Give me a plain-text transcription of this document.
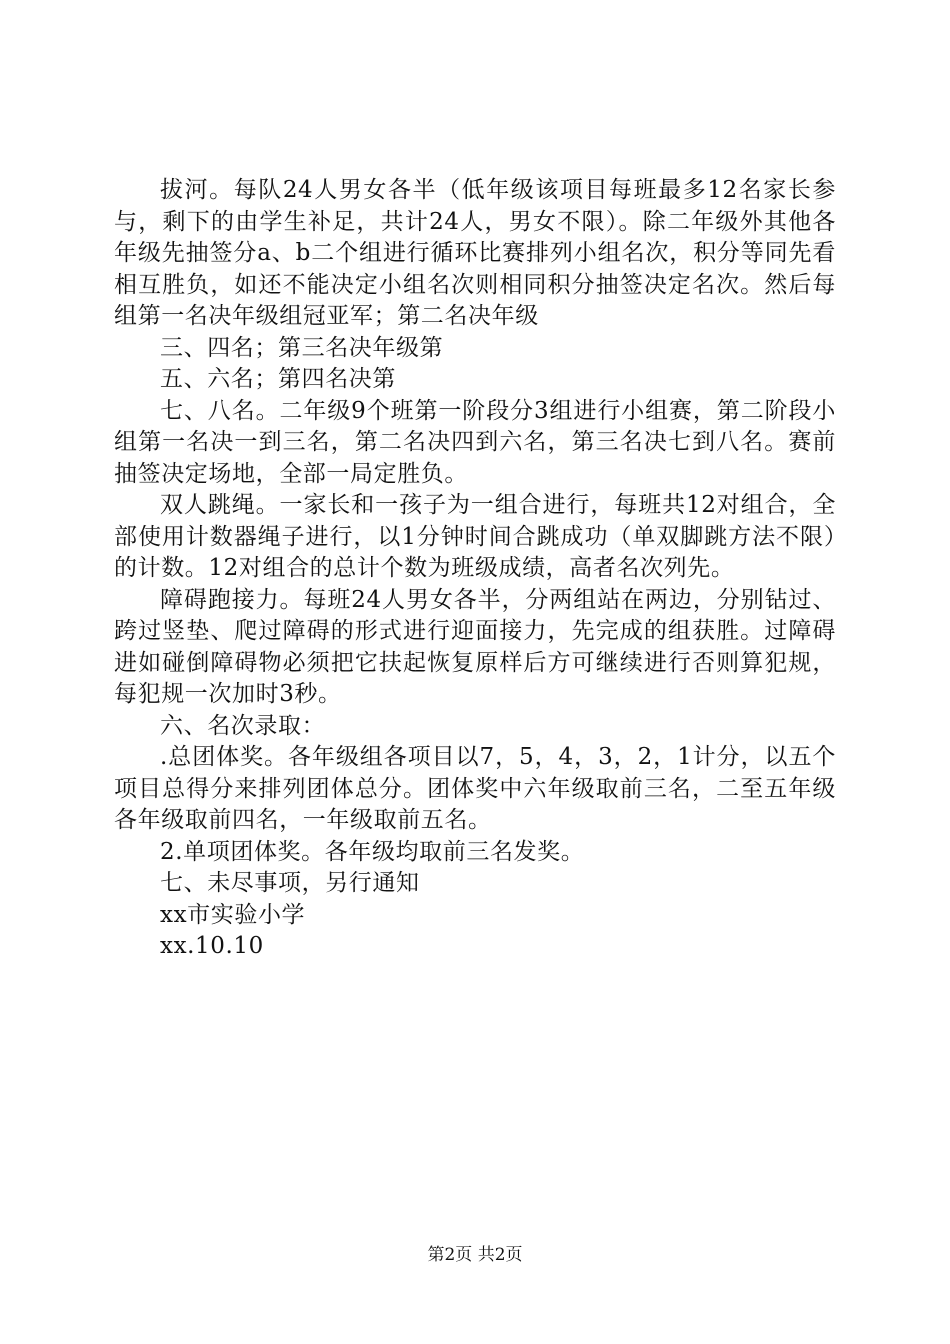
拔河。每队24人男女各半（低年级该项目每班最多12名家长参与，剩下的由学生补足，共计24人，男女不限）。除二年级外其他各年级先抽签分a、b二个组进行循环比赛排列小组名次，积分等同先看相互胜负，如还不能决定小组名次则相同积分抽签决定名次。然后每组第一名决年级组冠亚军；第二名决年级

三、四名；第三名决年级第

五、六名；第四名决第

七、八名。二年级9个班第一阶段分3组进行小组赛，第二阶段小组第一名决一到三名，第二名决四到六名，第三名决七到八名。赛前抽签决定场地，全部一局定胜负。

双人跳绳。一家长和一孩子为一组合进行，每班共12对组合，全部使用计数器绳子进行，以1分钟时间合跳成功（单双脚跳方法不限）的计数。12对组合的总计个数为班级成绩，高者名次列先。

障碍跑接力。每班24人男女各半，分两组站在两边，分别钻过、跨过竖垫、爬过障碍的形式进行迎面接力，先完成的组获胜。过障碍进如碰倒障碍物必须把它扶起恢复原样后方可继续进行否则算犯规，每犯规一次加时3秒。

六、名次录取：

.总团体奖。各年级组各项目以7，5，4，3，2，1计分，以五个项目总得分来排列团体总分。团体奖中六年级取前三名，二至五年级各年级取前四名，一年级取前五名。

2.单项团体奖。各年级均取前三名发奖。

七、未尽事项，另行通知

xx市实验小学

xx.10.10

第2页 共2页
